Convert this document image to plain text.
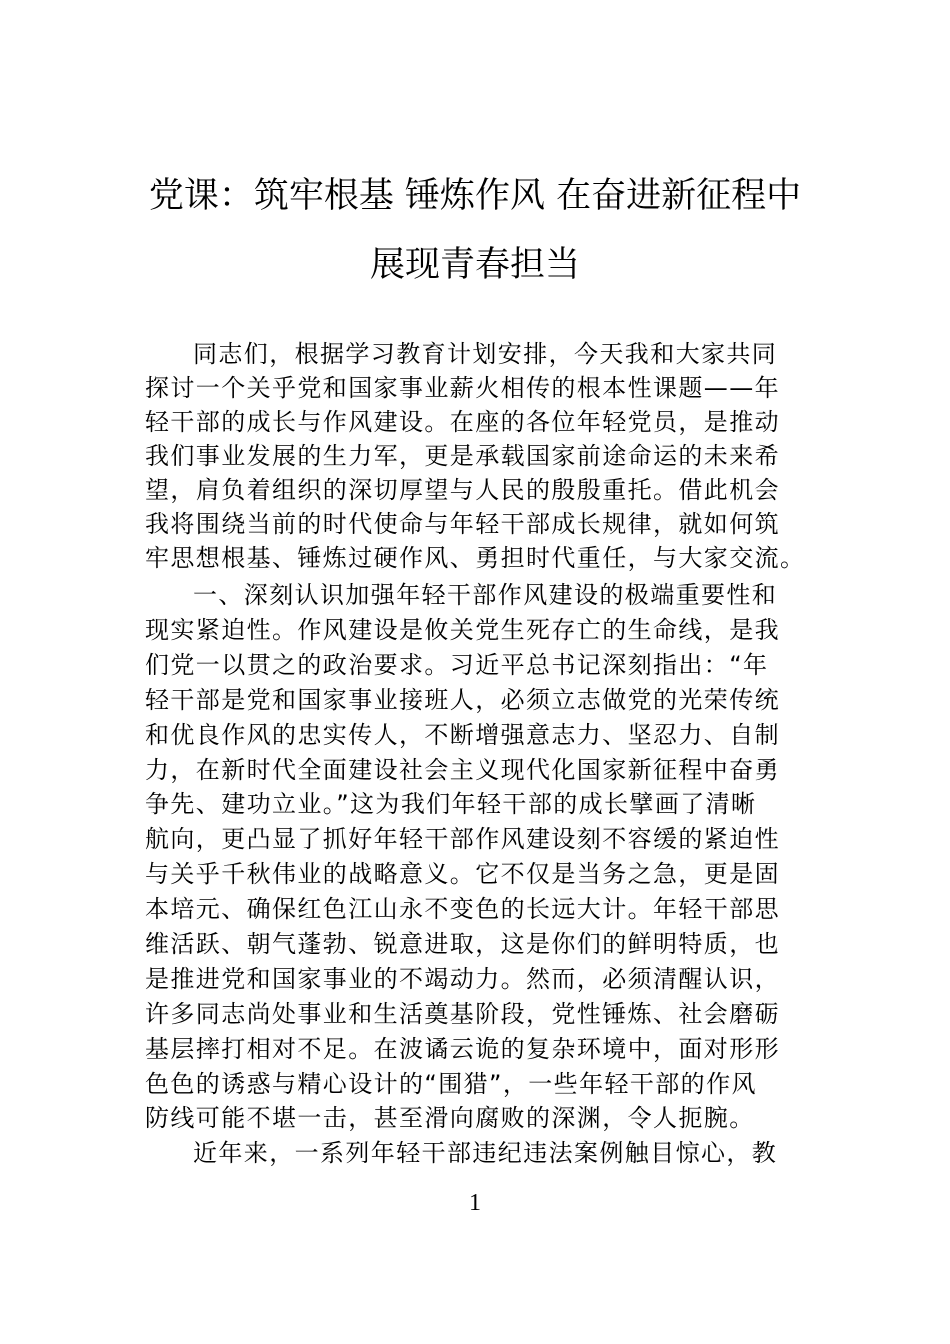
党课：筑牢根基 锤炼作风 在奋进新征程中
展现青春担当
同志们，根据学习教育计划安排，今天我和大家共同
探讨一个关乎党和国家事业薪火相传的根本性课题——年
轻干部的成长与作风建设。在座的各位年轻党员，是推动
我们事业发展的生力军，更是承载国家前途命运的未来希
望，肩负着组织的深切厚望与人民的殷殷重托。借此机会
我将围绕当前的时代使命与年轻干部成长规律，就如何筑
牢思想根基、锤炼过硬作风、勇担时代重任，与大家交流。
一、深刻认识加强年轻干部作风建设的极端重要性和
现实紧迫性。作风建设是攸关党生死存亡的生命线，是我
们党一以贯之的政治要求。习近平总书记深刻指出：“年
轻干部是党和国家事业接班人，必须立志做党的光荣传统
和优良作风的忠实传人，不断增强意志力、坚忍力、自制
力，在新时代全面建设社会主义现代化国家新征程中奋勇
争先、建功立业。”这为我们年轻干部的成长擘画了清晰
航向，更凸显了抓好年轻干部作风建设刻不容缓的紧迫性
与关乎千秋伟业的战略意义。它不仅是当务之急，更是固
本培元、确保红色江山永不变色的长远大计。年轻干部思
维活跃、朝气蓬勃、锐意进取，这是你们的鲜明特质，也
是推进党和国家事业的不竭动力。然而，必须清醒认识，
许多同志尚处事业和生活奠基阶段，党性锤炼、社会磨砺
基层摔打相对不足。在波谲云诡的复杂环境中，面对形形
色色的诱惑与精心设计的“围猎”，一些年轻干部的作风
防线可能不堪一击，甚至滑向腐败的深渊，令人扼腕。
近年来，一系列年轻干部违纪违法案例触目惊心，教
1
